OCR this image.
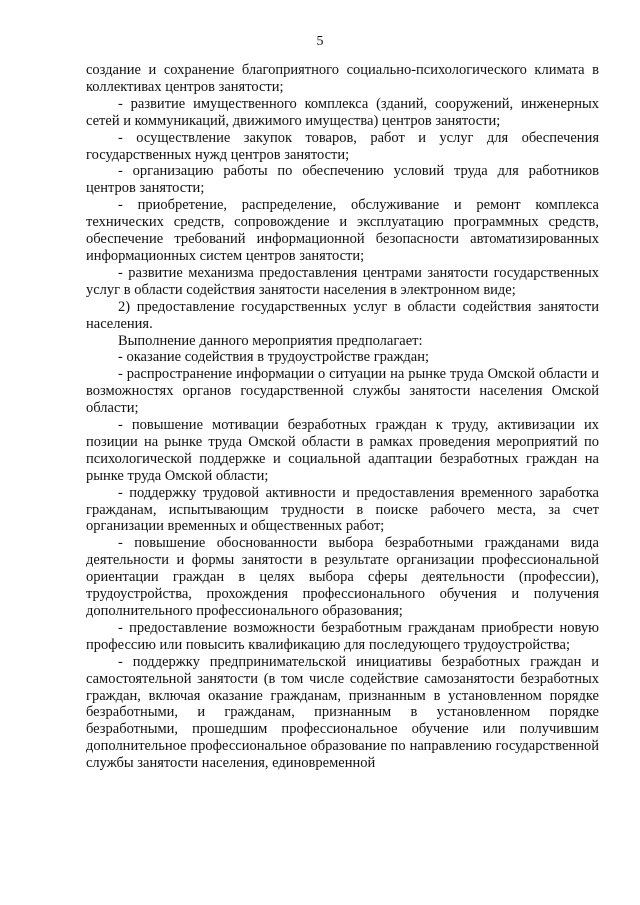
5

создание и сохранение благоприятного социально-психологического климата в коллективах центров занятости;

- развитие имущественного комплекса (зданий, сооружений, инженерных сетей и коммуникаций, движимого имущества) центров занятости;

- осуществление закупок товаров, работ и услуг для обеспечения государственных нужд центров занятости;

- организацию работы по обеспечению условий труда для работников центров занятости;

- приобретение, распределение, обслуживание и ремонт комплекса технических средств, сопровождение и эксплуатацию программных средств, обеспечение требований информационной безопасности автоматизированных информационных систем центров занятости;

- развитие механизма предоставления центрами занятости государственных услуг в области содействия занятости населения в электронном виде;

2) предоставление государственных услуг в области содействия занятости населения.

Выполнение данного мероприятия предполагает:

- оказание содействия в трудоустройстве граждан;

- распространение информации о ситуации на рынке труда Омской области и возможностях органов государственной службы занятости населения Омской области;

- повышение мотивации безработных граждан к труду, активизации их позиции на рынке труда Омской области в рамках проведения мероприятий по психологической поддержке и социальной адаптации безработных граждан на рынке труда Омской области;

- поддержку трудовой активности и предоставления временного заработка гражданам, испытывающим трудности в поиске рабочего места, за счет организации временных и общественных работ;

- повышение обоснованности выбора безработными гражданами вида деятельности и формы занятости в результате организации профессиональной ориентации граждан в целях выбора сферы деятельности (профессии), трудоустройства, прохождения профессионального обучения и получения дополнительного профессионального образования;

- предоставление возможности безработным гражданам приобрести новую профессию или повысить квалификацию для последующего трудоустройства;

- поддержку предпринимательской инициативы безработных граждан и самостоятельной занятости (в том числе содействие самозанятости безработных граждан, включая оказание гражданам, признанным в установленном порядке безработными, и гражданам, признанным в установленном порядке безработными, прошедшим профессиональное обучение или получившим дополнительное профессиональное образование по направлению государственной службы занятости населения, единовременной
